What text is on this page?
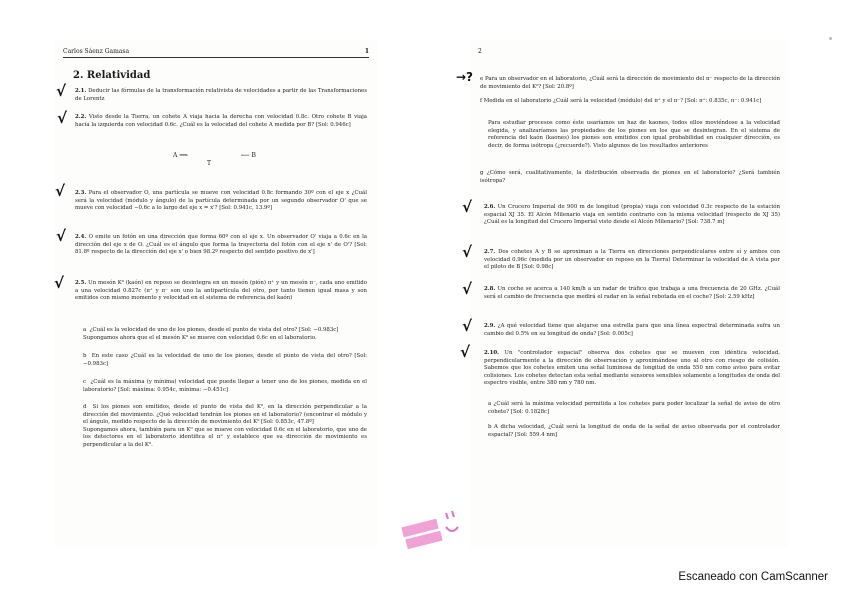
Carlos Sáenz Gamasa	1
2. Relatividad
2.1. Deducir las fórmulas de la transformación relativista de velocidades a partir de las Transformaciones de Lorentz
2.2. Visto desde la Tierra, un cohete A viaja hacia la derecha con velocidad 0.8c. Otro cohete B viaja hacia la izquierda con velocidad 0.6c. ¿Cuál es la velocidad del cohete A medida por B? [Sol: 0.946c]
A ⟹
T
⟵ B
2.3. Para el observador O, una partícula se mueve con velocidad 0.8c formando 30º con el eje x ¿Cuál será la velocidad (módulo y ángulo) de la partícula determinada por un segundo observador O' que se mueve con velocidad −0.6c a lo largo del eje x = x'? [Sol: 0.941c, 13.9º]
2.4. O emite un fotón en una dirección que forma 60º con el eje x. Un observador O' viaja a 0.6c en la dirección del eje x de O. ¿Cuál es el ángulo que forma la trayectoria del fotón con el eje x' de O'? [Sol: 81.8º respecto de la dirección del eje x' o bien 98.2º respecto del sentido positivo de x']
2.5. Un mesón K⁰ (kaón) en reposo se desintegra en un mesón (pión) π⁺ y un mesón π⁻, cada uno emitido a una velocidad 0.827c (π⁺ y π⁻ son uno la antipartícula del otro, por tanto tienen igual masa y son emitidos con mismo momento y velocidad en el sistema de referencia del kaón)
a ¿Cuál es la velocidad de uno de los piones, desde el punto de vista del otro? [Sol: −0.983c]
Supongamos ahora que el el mesón K⁰ se mueve con velocidad 0.6c en el laboratorio.
b En este caso ¿Cuál es la velocidad de uno de los piones, desde el punto de vista del otro? [Sol: −0.983c]
c ¿Cuál es la máxima (y mínima) velocidad que puede llegar a tener uno de los piones, medida en el laboratorio? [Sol: máxima: 0.954c, mínima: −0.451c]
d Si los piones son emitidos, desde el punto de vista del K⁰, en la dirección perpendicular a la dirección del movimiento. ¿Qué velocidad tendrán los piones en el laboratorio? (encontrar el módulo y el ángulo, medido respecto de la dirección de movimiento del K⁰ [Sol: 0.853c, 47.8º]
Supongamos ahora, también para un K⁰ que se mueve con velocidad 0.6c en el laboratorio, que uno de los detectores en el laboratorio identifica el π⁺ y establece que su dirección de movimiento es perpendicular a la del K⁰.
√
√
√
√
√
2
e Para un observador en el laboratorio, ¿Cuál será la dirección de movimiento del π⁻ respecto de la dirección de movimiento del K⁰? [Sol: 20.8º]
f Medida en el laboratorio ¿Cuál será la velocidad (módulo) del π⁺ y el π⁻? [Sol: π⁺: 0.835c, π⁻: 0.941c]
Para estudiar procesos como éste usaríamos un haz de kaones, todos ellos moviéndose a la velocidad elegida, y analizaríamos las propiedades de los piones en los que se desintegran. En el sistema de referencia del kaón (kaones) los piones son emitidos con igual probabilidad en cualquier dirección, es decir, de forma isótropa (¿recuerde?). Visto algunos de los resultados anteriores
g ¿Cómo será, cualitativamente, la distribución observada de piones en el laboratorio? ¿Será también isótropa?
2.6. Un Crucero Imperial de 900 m de longitud (propia) viaja con velocidad 0.3c respecto de la estación espacial XJ 35. El Alcón Milenario viaja en sentido contrario con la misma velocidad (respecto de XJ 35) ¿Cuál es la longitud del Crucero Imperial visto desde el Alcón Milenario? [Sol: 738.7 m]
2.7. Dos cohetes A y B se aproximan a la Tierra en direcciones perpendiculares entre sí y ambos con velocidad 0.96c (medida por un observador en reposo en la Tierra) Determinar la velocidad de A vista por el piloto de B [Sol: 0.98c]
2.8. Un coche se acerca a 140 km/h a un radar de tráfico que trabaja a una frecuencia de 20 GHz. ¿Cuál será el cambio de frecuencia que medirá el radar en la señal rebotada en el coche? [Sol: 2.59 kHz]
2.9. ¿A qué velocidad tiene que alejarse una estrella para que una línea espectral determinada sufra un cambio del 0.5% en su longitud de onda? [Sol: 0.005c]
2.10. Un "controlador espacial" observa dos cohetes que se mueven con idéntica velocidad, perpendicularmente a la dirección de observación y aproximándose uno al otro con riesgo de colisión. Sabemos que los cohetes emiten una señal luminosa de longitud de onda 550 nm como aviso para evitar colisiones. Los cohetes detectan esta señal mediante sensores sensibles solamente a longitudes de onda del espectro visible, entre 380 nm y 780 nm.
a ¿Cuál será la máxima velocidad permitida a los cohetes para poder localizar la señal de aviso de otro cohete? [Sol: 0.1828c]
b A dicha velocidad, ¿Cuál será la longitud de onda de la señal de aviso observada por el controlador espacial? [Sol: 559.4 nm]
→?
√
√
√
√
√
Escaneado con CamScanner
